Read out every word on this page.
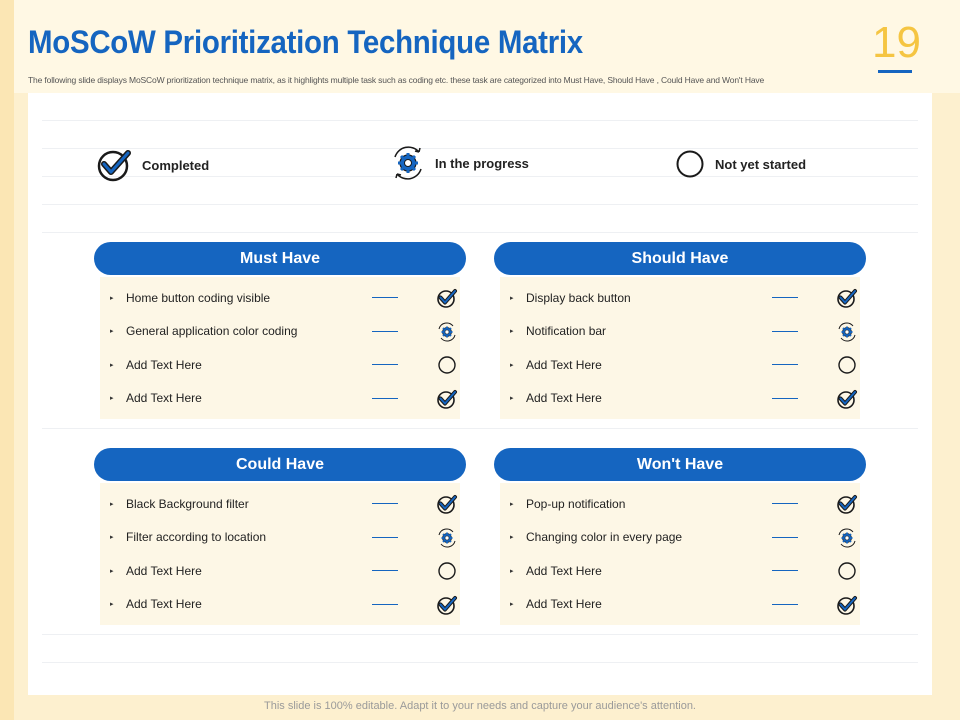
MoSCoW Prioritization Technique Matrix
The following slide displays MoSCoW prioritization technique matrix, as it highlights multiple task such as coding etc. these task are categorized into Must Have, Should Have , Could Have and Won't Have
19
Completed	In the progress	Not yet started
Must Have
▸ Home button coding visible
▸ General application color coding
▸ Add Text Here
▸ Add Text Here
Should Have
▸ Display back button
▸ Notification bar
▸ Add Text Here
▸ Add Text Here
Could Have
▸ Black Background filter
▸ Filter according to location
▸ Add Text Here
▸ Add Text Here
Won't Have
▸ Pop-up notification
▸ Changing color in every page
▸ Add Text Here
▸ Add Text Here
This slide is 100% editable. Adapt it to your needs and capture your audience's attention.
